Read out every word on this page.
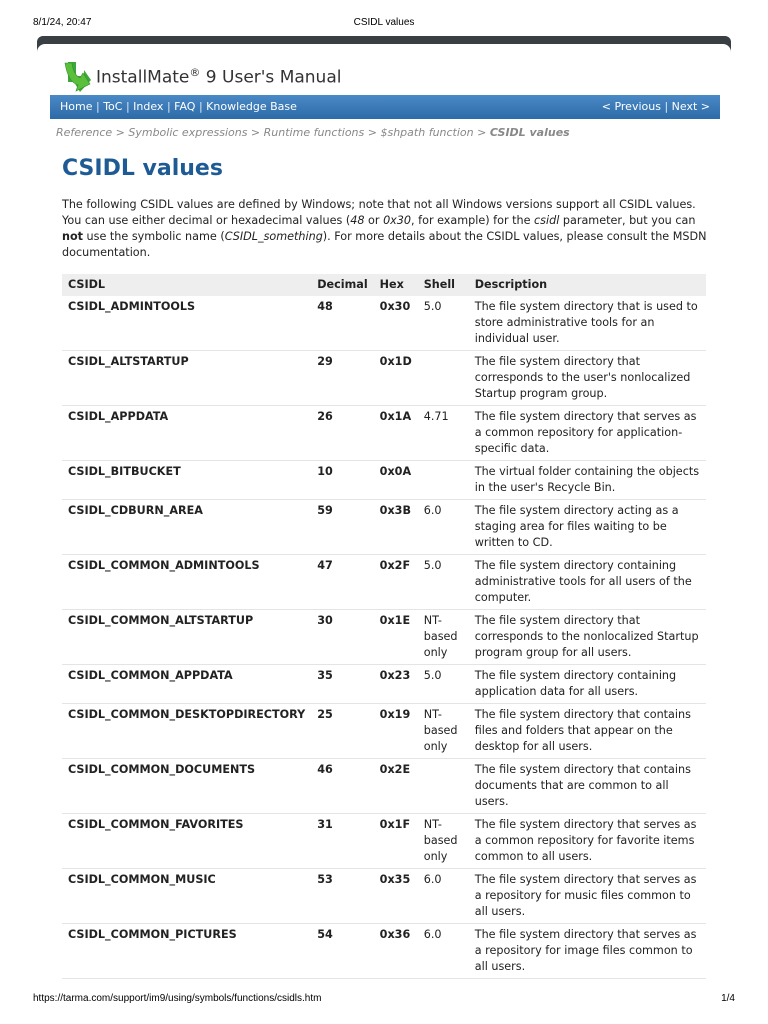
8/1/24, 20:47	CSIDL values
InstallMate® 9 User's Manual
Home | ToC | Index | FAQ | Knowledge Base	< Previous | Next >
Reference > Symbolic expressions > Runtime functions > $shpath function > CSIDL values
CSIDL values

The following CSIDL values are defined by Windows; note that not all Windows versions support all CSIDL values. You can use either decimal or hexadecimal values (48 or 0x30, for example) for the csidl parameter, but you can not use the symbolic name (CSIDL_something). For more details about the CSIDL values, please consult the MSDN documentation.

CSIDL	Decimal	Hex	Shell	Description
CSIDL_ADMINTOOLS	48	0x30	5.0	The file system directory that is used to store administrative tools for an individual user.
CSIDL_ALTSTARTUP	29	0x1D		The file system directory that corresponds to the user's nonlocalized Startup program group.
CSIDL_APPDATA	26	0x1A	4.71	The file system directory that serves as a common repository for application-specific data.
CSIDL_BITBUCKET	10	0x0A		The virtual folder containing the objects in the user's Recycle Bin.
CSIDL_CDBURN_AREA	59	0x3B	6.0	The file system directory acting as a staging area for files waiting to be written to CD.
CSIDL_COMMON_ADMINTOOLS	47	0x2F	5.0	The file system directory containing administrative tools for all users of the computer.
CSIDL_COMMON_ALTSTARTUP	30	0x1E	NT-based only	The file system directory that corresponds to the nonlocalized Startup program group for all users.
CSIDL_COMMON_APPDATA	35	0x23	5.0	The file system directory containing application data for all users.
CSIDL_COMMON_DESKTOPDIRECTORY	25	0x19	NT-based only	The file system directory that contains files and folders that appear on the desktop for all users.
CSIDL_COMMON_DOCUMENTS	46	0x2E		The file system directory that contains documents that are common to all users.
CSIDL_COMMON_FAVORITES	31	0x1F	NT-based only	The file system directory that serves as a common repository for favorite items common to all users.
CSIDL_COMMON_MUSIC	53	0x35	6.0	The file system directory that serves as a repository for music files common to all users.
CSIDL_COMMON_PICTURES	54	0x36	6.0	The file system directory that serves as a repository for image files common to all users.
https://tarma.com/support/im9/using/symbols/functions/csidls.htm	1/4
